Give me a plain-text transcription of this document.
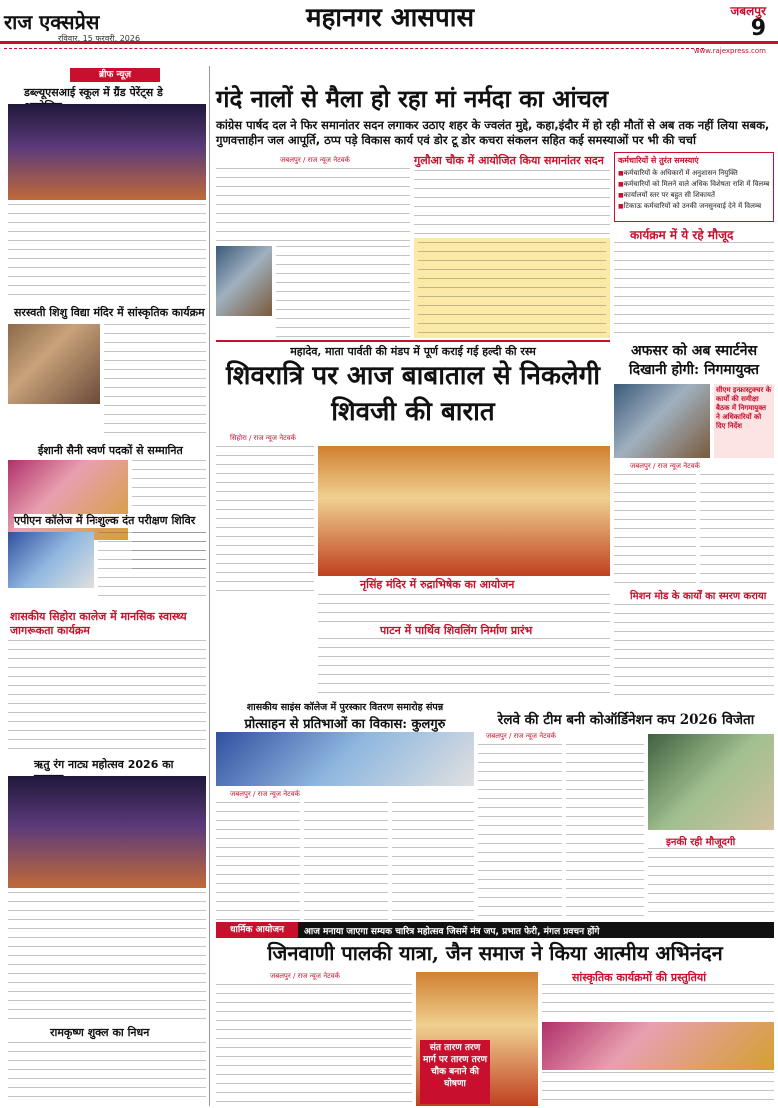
राज एक्सप्रेस
रविवार, 15 फरवरी, 2026
महानगर आसपास	जबलपुर
9
www.rajexpress.com
ब्रीफ न्यूज़
डब्ल्यूएसआई स्कूल में ग्रैंड पेरेंट्स डे
सरस्वती शिशु विद्या मंदिर में सांस्कृतिक कार्यक्रम
ईशानी सैनी स्वर्ण पदकों से सम्मानित
एपीएन कॉलेज में निःशुल्क दंत परीक्षण शिविर
शासकीय सिहोरा कालेज में मानसिक स्वास्थ्य जागरूकता कार्यक्रम
ऋतु रंग नाट्य महोत्सव 2026 का
रामकृष्ण शुक्ल का निधन
गंदे नालों से मैला हो रहा मां नर्मदा का आंचल
कांग्रेस पार्षद दल ने फिर समानांतर सदन लगाकर उठाए शहर के ज्वलंत मुद्दे, कहा,इंदौर में हो रही मौतों से अब तक नहीं लिया सबक, गुणवत्ताहीन जल आपूर्ति, ठप्प पड़े विकास कार्य एवं डोर टू डोर कचरा संकलन सहित कई समस्याओं पर भी की चर्चा
जबलपुर / राज न्यूज नेटवर्क	गुलौआ चौक में आयोजित किया समानांतर सदन	कर्मचारियों से तुरंत समस्याएं
■ कर्मचारियों के अधिकारों में अनुशासन नियुक्ति
■ कर्मचारियों को मिलने वाले अधिक विशेषता राशि में विलम्ब
■ कार्यालयों स्तर पर बहुत सी शिकायतें
■ टिकाऊ कर्मचारियों को उनकी जनसुनवाई देने में विलम्ब
कार्यक्रम में ये रहे मौजूद
महादेव, माता पार्वती की मंडप में पूर्ण कराई गई हल्दी की रस्म
शिवरात्रि पर आज बाबाताल से निकलेगी शिवजी की बारात
सिहोरा / राज न्यूज नेटवर्क
नृसिंह मंदिर में रुद्राभिषेक का आयोजन
पाटन में पार्थिव शिवलिंग निर्माण प्रारंभ
अफसर को अब स्मार्टनेस दिखानी होगी: निगमायुक्त
सीएम इन्फ्रास्ट्रक्चर के कार्यों की समीक्षा बैठक में निगमायुक्त ने अधिकारियों को दिए निर्देश
जबलपुर / राज न्यूज नेटवर्क
मिशन मोड के कार्यों का स्मरण कराया
शासकीय साइंस कॉलेज में पुरस्कार वितरण समारोह संपन्न
प्रोत्साहन से प्रतिभाओं का विकास: कुलगुरु
जबलपुर / राज न्यूज नेटवर्क
रेलवे की टीम बनी कोऑर्डिनेशन कप 2026 विजेता
जबलपुर / राज न्यूज नेटवर्क
इनकी रही मौजूदगी
धार्मिक आयोजन	आज मनाया जाएगा सम्यक चारित्र महोत्सव जिसमें मंत्र जप, प्रभात फेरी, मंगल प्रवचन होंगे
जिनवाणी पालकी यात्रा, जैन समाज ने किया आत्मीय अभिनंदन
जबलपुर / राज न्यूज नेटवर्क
संत तारण तरण मार्ग पर तारण तरण चौक बनाने की घोषणा
सांस्कृतिक कार्यक्रमों की प्रस्तुतियां
